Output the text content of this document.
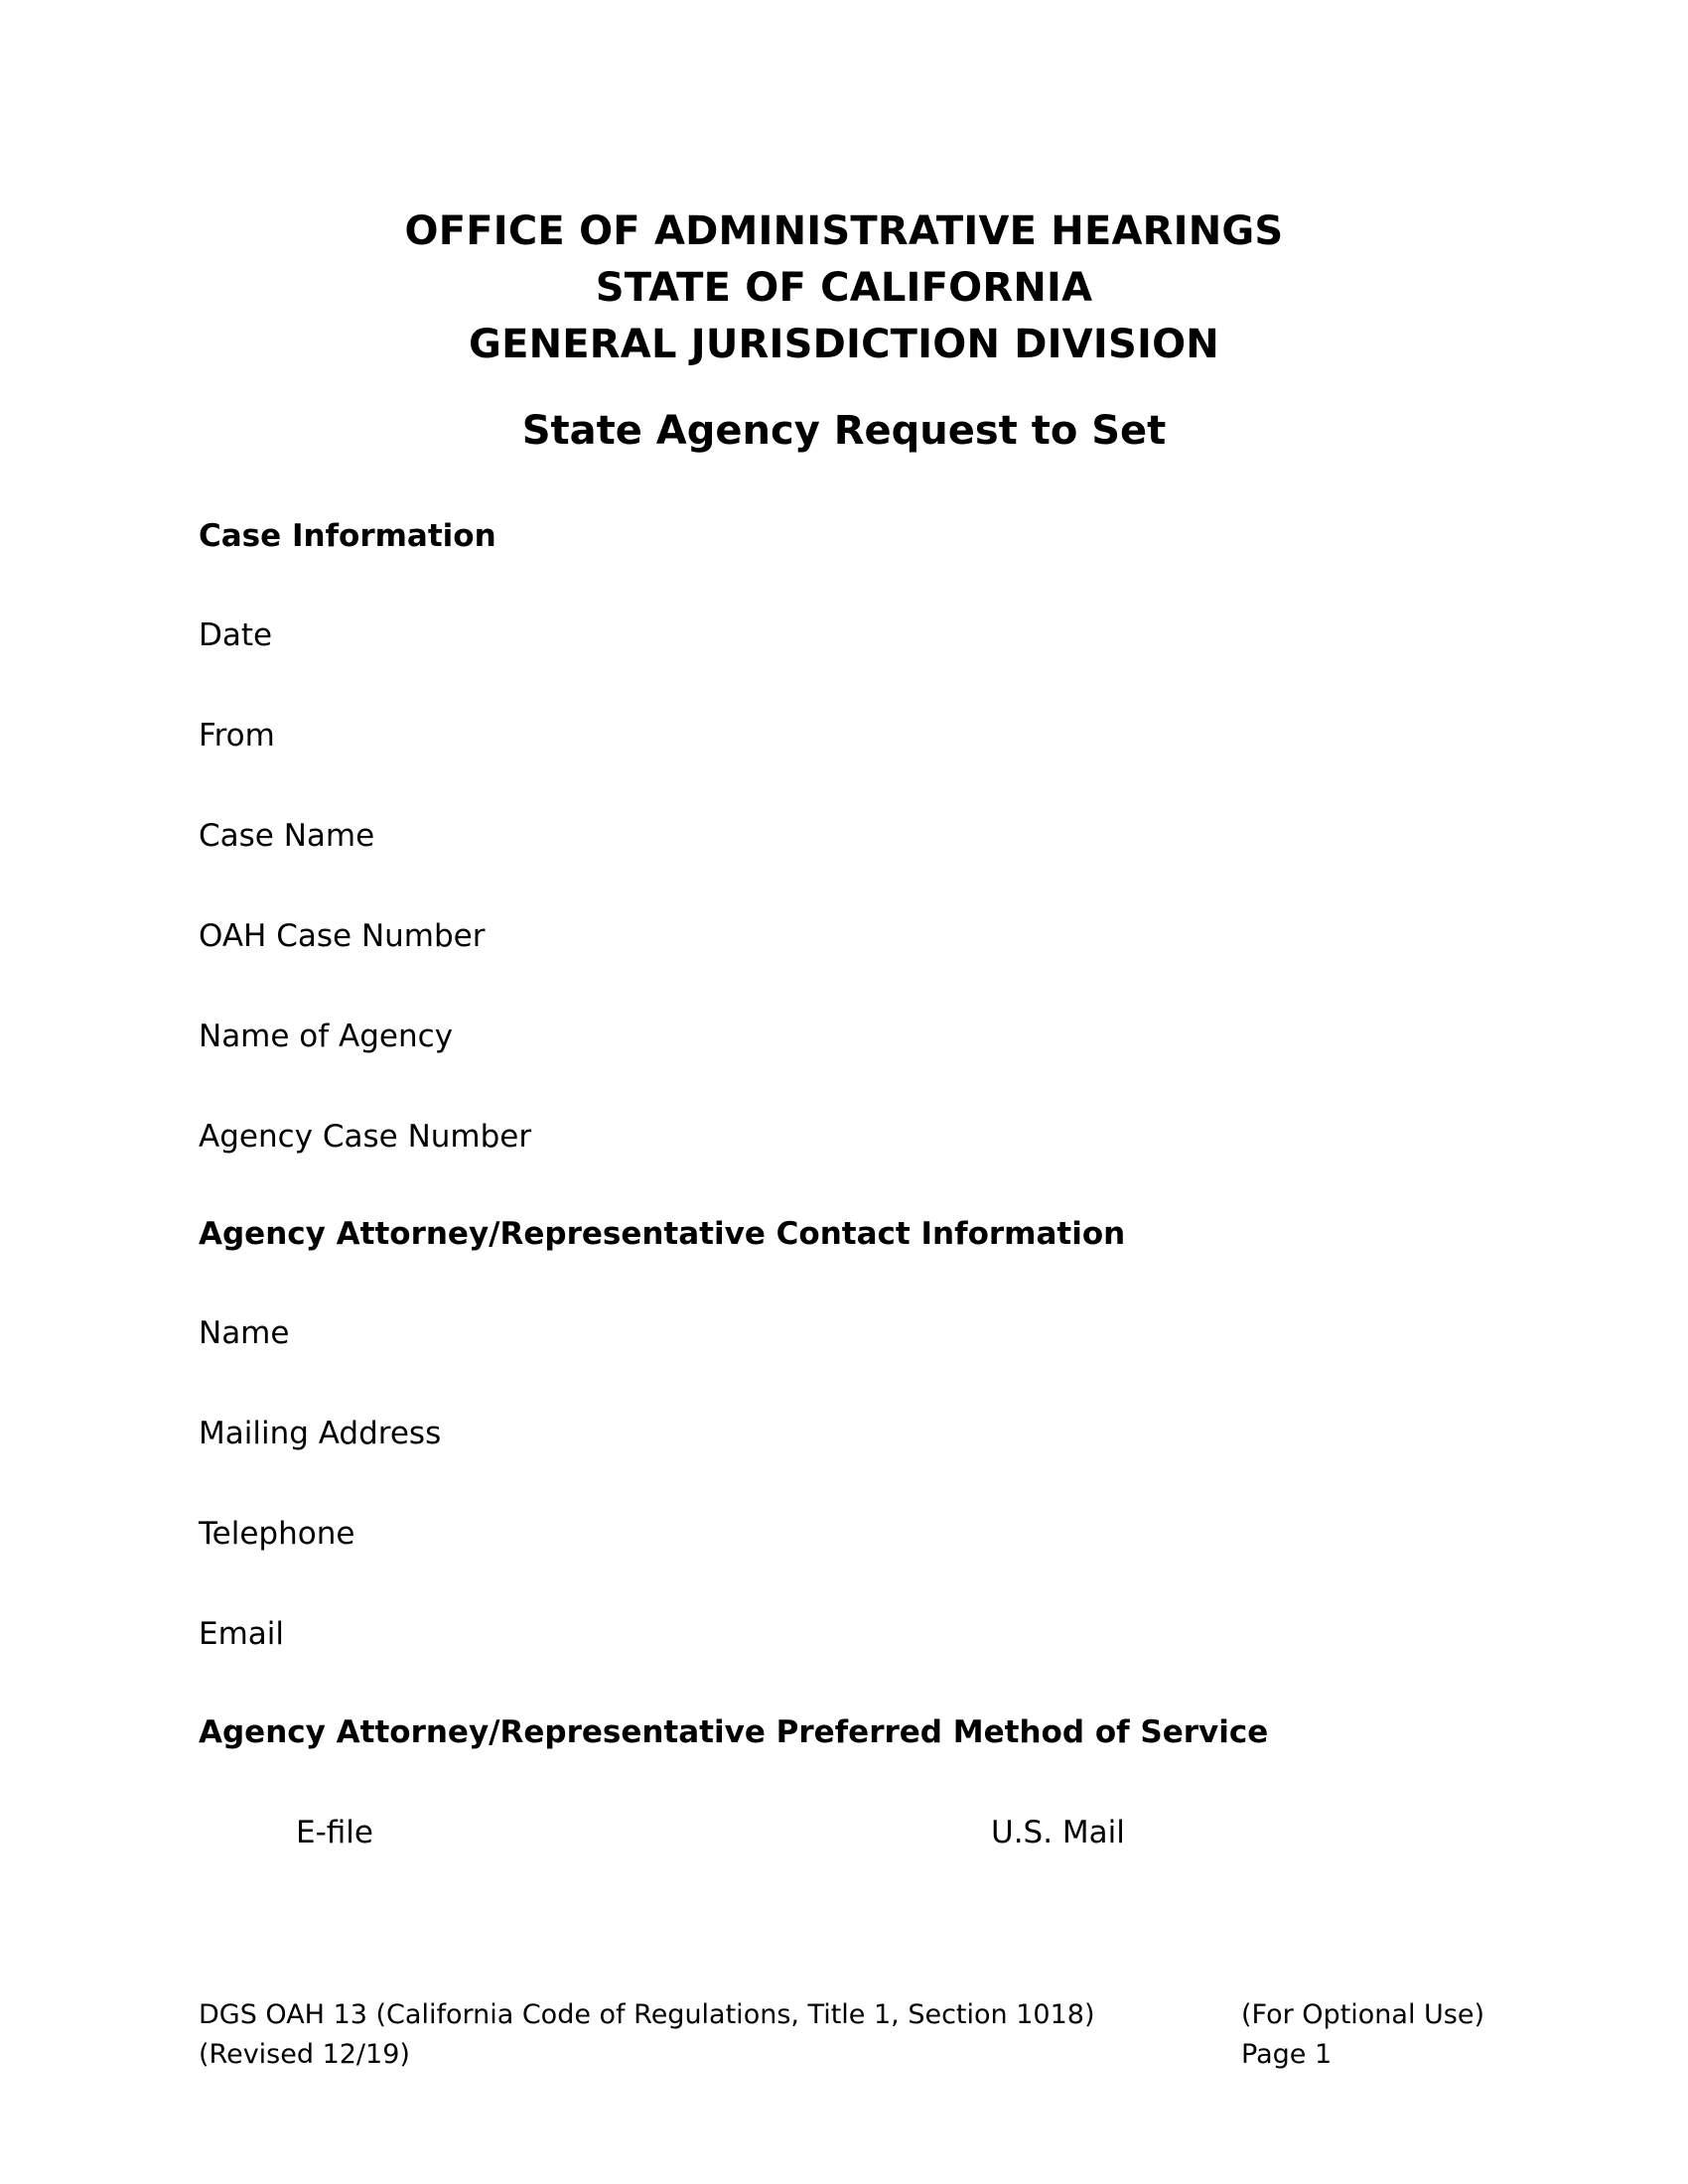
OFFICE OF ADMINISTRATIVE HEARINGS
STATE OF CALIFORNIA
GENERAL JURISDICTION DIVISION
State Agency Request to Set
Case Information
Date
From
Case Name
OAH Case Number
Name of Agency
Agency Case Number
Agency Attorney/Representative Contact Information
Name
Mailing Address
Telephone
Email
Agency Attorney/Representative Preferred Method of Service
E-file	U.S. Mail
DGS OAH 13 (California Code of Regulations, Title 1, Section 1018)
(Revised 12/19)
(For Optional Use)
Page 1
